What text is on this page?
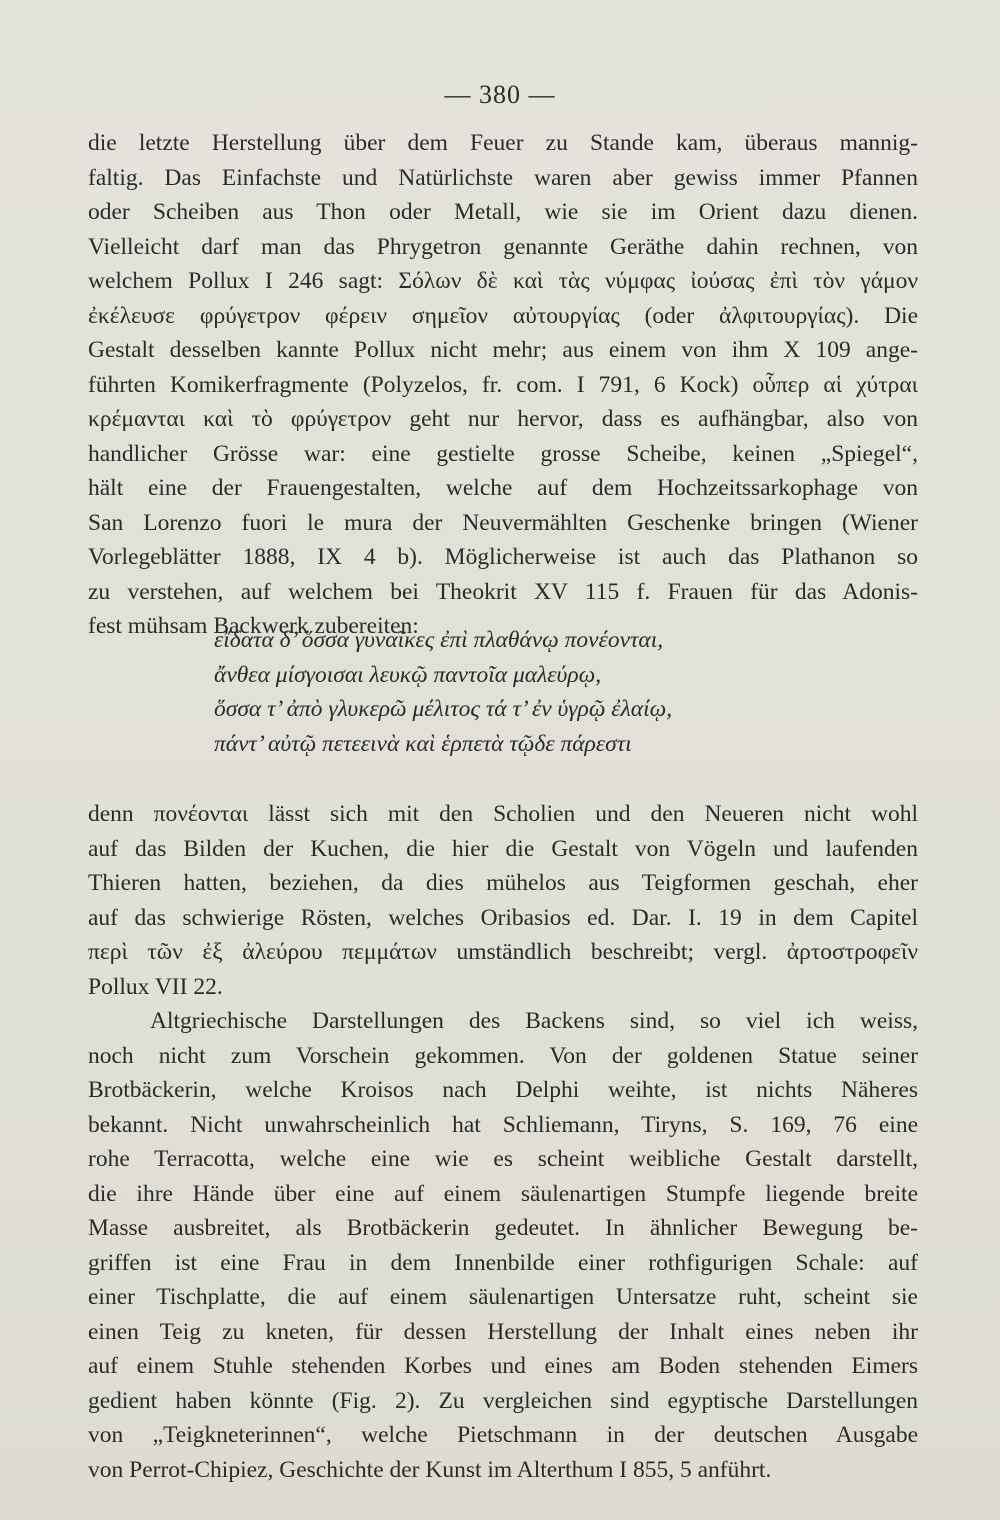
— 380 —
die letzte Herstellung über dem Feuer zu Stande kam, überaus mannig-
faltig. Das Einfachste und Natürlichste waren aber gewiss immer Pfannen
oder Scheiben aus Thon oder Metall, wie sie im Orient dazu dienen.
Vielleicht darf man das Phrygetron genannte Geräthe dahin rechnen, von
welchem Pollux I 246 sagt: Σόλων δὲ καὶ τὰς νύμφας ἰούσας ἐπὶ τὸν γάμον
ἐκέλευσε φρύγετρον φέρειν σημεῖον αὐτουργίας (oder ἀλφιτουργίας). Die
Gestalt desselben kannte Pollux nicht mehr; aus einem von ihm X 109 ange-
führten Komikerfragmente (Polyzelos, fr. com. I 791, 6 Kock) οὗπερ αἱ χύτραι
κρέμανται καὶ τὸ φρύγετρον geht nur hervor, dass es aufhängbar, also von
handlicher Grösse war: eine gestielte grosse Scheibe, keinen „Spiegel“,
hält eine der Frauengestalten, welche auf dem Hochzeitssarkophage von
San Lorenzo fuori le mura der Neuvermählten Geschenke bringen (Wiener
Vorlegeblätter 1888, IX 4 b). Möglicherweise ist auch das Plathanon so
zu verstehen, auf welchem bei Theokrit XV 115 f. Frauen für das Adonis-
fest mühsam Backwerk zubereiten:
εἴδατα δ’ ὅσσα γυναῖκες ἐπὶ πλαθάνῳ πονέονται,
ἄνθεα μίσγοισαι λευκῷ παντοῖα μαλεύρῳ,
ὅσσα τ’ ἀπὸ γλυκερῶ μέλιτος τά τ’ ἐν ὑγρῷ ἐλαίῳ,
πάντ’ αὐτῷ πετεεινὰ καὶ ἑρπετὰ τῷδε πάρεστι
denn πονέονται lässt sich mit den Scholien und den Neueren nicht wohl
auf das Bilden der Kuchen, die hier die Gestalt von Vögeln und laufenden
Thieren hatten, beziehen, da dies mühelos aus Teigformen geschah, eher
auf das schwierige Rösten, welches Oribasios ed. Dar. I. 19 in dem Capitel
περὶ τῶν ἐξ ἀλεύρου πεμμάτων umständlich beschreibt; vergl. ἀρτοστροφεῖν
Pollux VII 22.
Altgriechische Darstellungen des Backens sind, so viel ich weiss,
noch nicht zum Vorschein gekommen. Von der goldenen Statue seiner
Brotbäckerin, welche Kroisos nach Delphi weihte, ist nichts Näheres
bekannt. Nicht unwahrscheinlich hat Schliemann, Tiryns, S. 169, 76 eine
rohe Terracotta, welche eine wie es scheint weibliche Gestalt darstellt,
die ihre Hände über eine auf einem säulenartigen Stumpfe liegende breite
Masse ausbreitet, als Brotbäckerin gedeutet. In ähnlicher Bewegung be-
griffen ist eine Frau in dem Innenbilde einer rothfigurigen Schale: auf
einer Tischplatte, die auf einem säulenartigen Untersatze ruht, scheint sie
einen Teig zu kneten, für dessen Herstellung der Inhalt eines neben ihr
auf einem Stuhle stehenden Korbes und eines am Boden stehenden Eimers
gedient haben könnte (Fig. 2). Zu vergleichen sind egyptische Darstellungen
von „Teigkneterinnen“, welche Pietschmann in der deutschen Ausgabe
von Perrot-Chipiez, Geschichte der Kunst im Alterthum I 855, 5 anführt.
